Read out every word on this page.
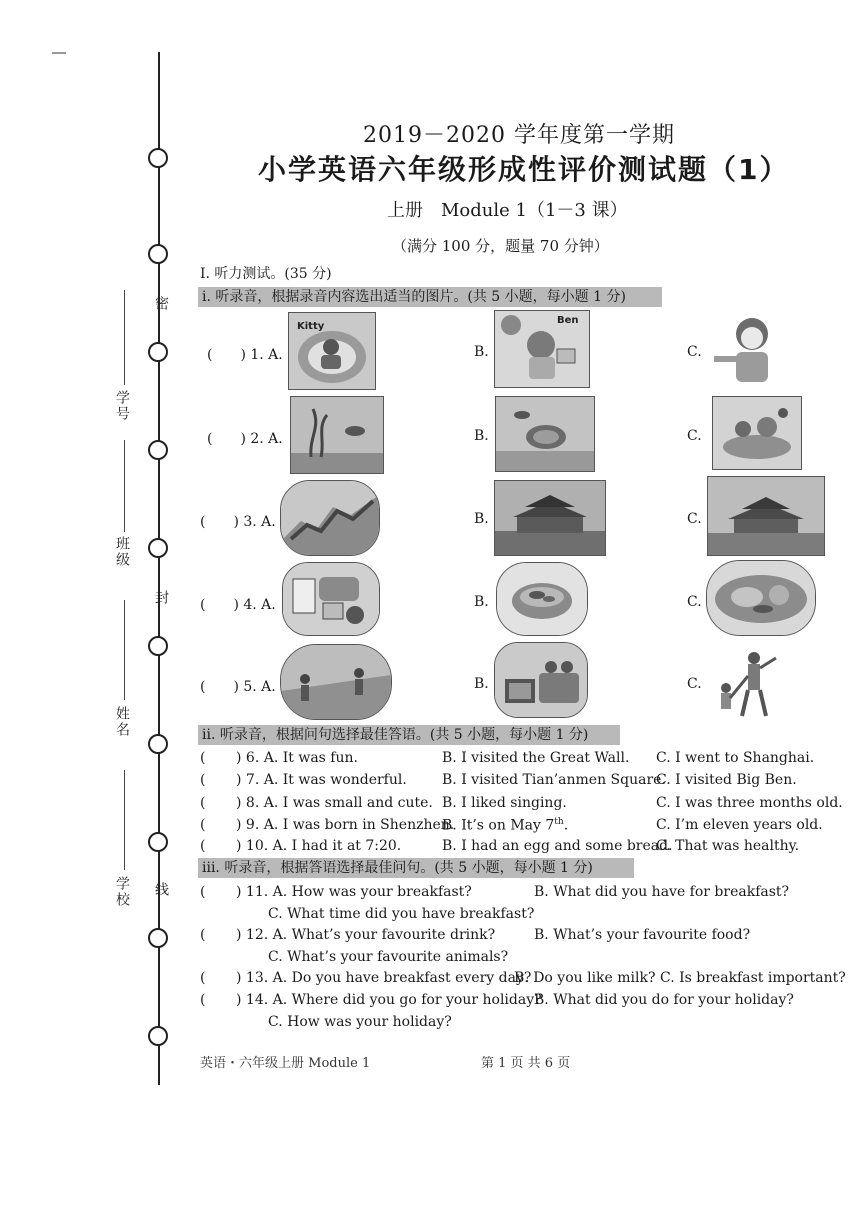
密
封
线
学号
班级
姓名
学校
2019－2020 学年度第一学期
小学英语六年级形成性评价测试题（1）
上册　Module 1（1－3 课）
（满分 100 分，题量 70 分钟）
I. 听力测试。(35 分)
i. 听录音，根据录音内容选出适当的图片。(共 5 小题，每小题 1 分)
(　　) 1. A.
Kitty
B.
Ben
C.
(　　) 2. A.	B.	C.
(　　) 3. A.	B.	C.
(　　) 4. A.	B.	C.
(　　) 5. A.	B.	C.
ii. 听录音，根据问句选择最佳答语。(共 5 小题，每小题 1 分)
( ) 6. A. It was fun.	B. I visited the Great Wall. C. I went to Shanghai.
( ) 7. A. It was wonderful.	B. I visited Tian’anmen Square.
C. I visited Big Ben.
( ) 8. A. I was small and cute. B. I liked singing.	C. I was three months old.
( ) 9. A. I was born in Shenzhen.
B. It’s on May 7th.	C. I’m eleven years old.
( ) 10. A. I had it at 7:20.	B. I had an egg and some bread.
C. That was healthy.
iii. 听录音，根据答语选择最佳问句。(共 5 小题，每小题 1 分)
( ) 11. A. How was your breakfast?	B. What did you have for breakfast?
C. What time did you have breakfast?
( ) 12. A. What’s your favourite drink?	B. What’s your favourite food?
C. What’s your favourite animals?
( ) 13. A. Do you have breakfast every day?
B. Do you like milk? C. Is breakfast important?
( ) 14. A. Where did you go for your holiday?
B. What did you do for your holiday?
C. How was your holiday?
英语・六年级上册 Module 1	第 1 页 共 6 页
